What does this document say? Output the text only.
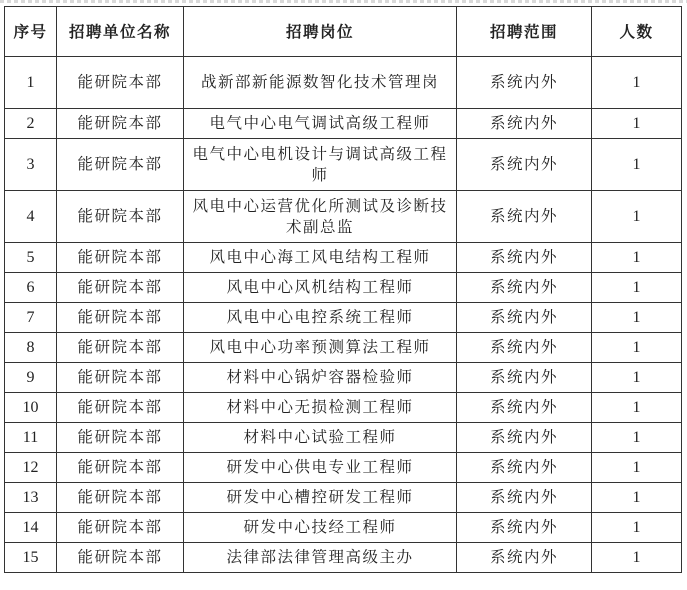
序号	招聘单位名称	招聘岗位	招聘范围	人数
1	能研院本部	战新部新能源数智化技术管理岗	系统内外	1
2	能研院本部	电气中心电气调试高级工程师	系统内外	1
3	能研院本部	电气中心电机设计与调试高级工程师	系统内外	1
4	能研院本部	风电中心运营优化所测试及诊断技术副总监	系统内外	1
5	能研院本部	风电中心海工风电结构工程师	系统内外	1
6	能研院本部	风电中心风机结构工程师	系统内外	1
7	能研院本部	风电中心电控系统工程师	系统内外	1
8	能研院本部	风电中心功率预测算法工程师	系统内外	1
9	能研院本部	材料中心锅炉容器检验师	系统内外	1
10	能研院本部	材料中心无损检测工程师	系统内外	1
11	能研院本部	材料中心试验工程师	系统内外	1
12	能研院本部	研发中心供电专业工程师	系统内外	1
13	能研院本部	研发中心槽控研发工程师	系统内外	1
14	能研院本部	研发中心技经工程师	系统内外	1
15	能研院本部	法律部法律管理高级主办	系统内外	1
